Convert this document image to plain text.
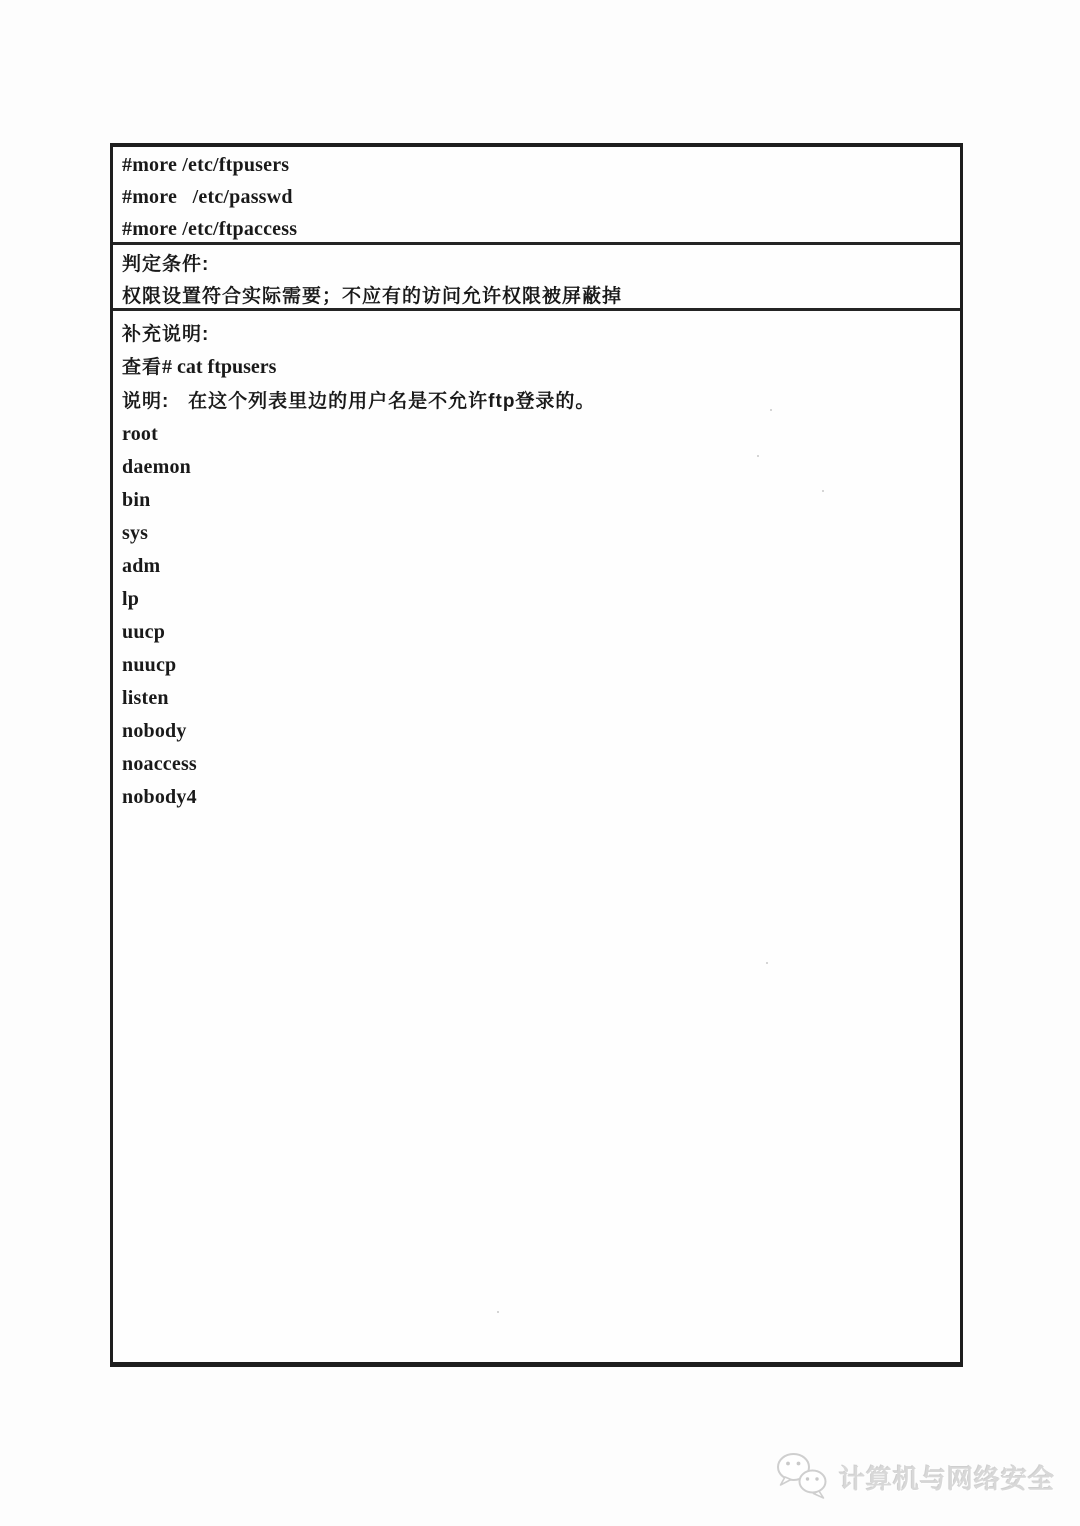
#more /etc/ftpusers
#more   /etc/passwd
#more /etc/ftpaccess
判定条件:
权限设置符合实际需要；不应有的访问允许权限被屏蔽掉
补充说明:
查看# cat ftpusers
说明:   在这个列表里边的用户名是不允许ftp登录的。
root
daemon
bin
sys
adm
lp
uucp
nuucp
listen
nobody
noaccess
nobody4
计算机与网络安全
